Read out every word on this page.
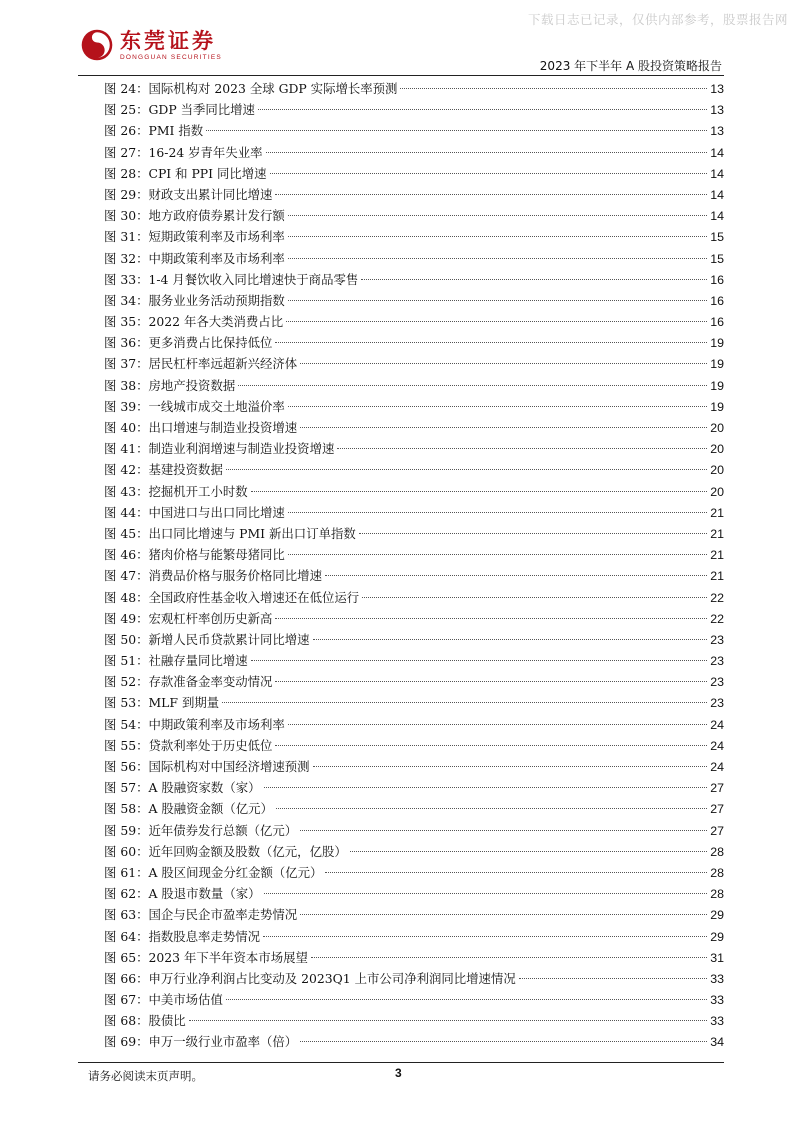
下载日志已记录，仅供内部参考，股票报告网
东莞证券
DONGGUAN SECURITIES
2023 年下半年 A 股投资策略报告
图 24：国际机构对 2023 全球 GDP 实际增长率预测	13
图 25：GDP 当季同比增速	13
图 26：PMI 指数	13
图 27：16-24 岁青年失业率	14
图 28：CPI 和 PPI 同比增速	14
图 29：财政支出累计同比增速	14
图 30：地方政府债券累计发行额	14
图 31：短期政策利率及市场利率	15
图 32：中期政策利率及市场利率	15
图 33：1-4 月餐饮收入同比增速快于商品零售	16
图 34：服务业业务活动预期指数	16
图 35：2022 年各大类消费占比	16
图 36：更多消费占比保持低位	19
图 37：居民杠杆率远超新兴经济体	19
图 38：房地产投资数据	19
图 39：一线城市成交土地溢价率	19
图 40：出口增速与制造业投资增速	20
图 41：制造业利润增速与制造业投资增速	20
图 42：基建投资数据	20
图 43：挖掘机开工小时数	20
图 44：中国进口与出口同比增速	21
图 45：出口同比增速与 PMI 新出口订单指数	21
图 46：猪肉价格与能繁母猪同比	21
图 47：消费品价格与服务价格同比增速	21
图 48：全国政府性基金收入增速还在低位运行	22
图 49：宏观杠杆率创历史新高	22
图 50：新增人民币贷款累计同比增速	23
图 51：社融存量同比增速	23
图 52：存款准备金率变动情况	23
图 53：MLF 到期量	23
图 54：中期政策利率及市场利率	24
图 55：贷款利率处于历史低位	24
图 56：国际机构对中国经济增速预测	24
图 57：A 股融资家数（家）	27
图 58：A 股融资金额（亿元）	27
图 59：近年债券发行总额（亿元）	27
图 60：近年回购金额及股数（亿元，亿股）	28
图 61：A 股区间现金分红金额（亿元）	28
图 62：A 股退市数量（家）	28
图 63：国企与民企市盈率走势情况	29
图 64：指数股息率走势情况	29
图 65：2023 年下半年资本市场展望	31
图 66：申万行业净利润占比变动及 2023Q1 上市公司净利润同比增速情况	33
图 67：中美市场估值	33
图 68：股债比	33
图 69：申万一级行业市盈率（倍）	34
请务必阅读末页声明。	3
